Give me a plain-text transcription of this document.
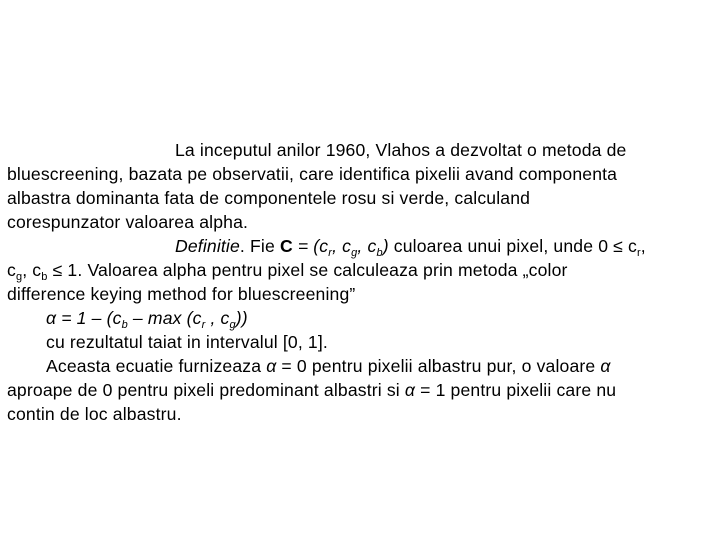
La inceputul anilor 1960, Vlahos a dezvoltat o metoda de
bluescreening, bazata pe observatii, care identifica pixelii avand componenta
albastra dominanta fata de componentele rosu si verde, calculand
corespunzator valoarea alpha.
Definitie. Fie $C = (c_r$, $c_g$, $c_b$) culoarea unui pixel, unde $0 \le c_r$,
$c_g$, $c_b \le 1$. Valoarea alpha pentru pixel se calculeaza prin metoda „color
difference keying method for bluescreening”
$\alpha = 1 - (c_b - \max (c_r$ , $c_g$))
cu rezultatul taiat in intervalul [0, 1].
Aceasta ecuatie furnizeaza α = 0 pentru pixelii albastru pur, o valoare α
aproape de 0 pentru pixeli predominant albastri si α = 1 pentru pixelii care nu
contin de loc albastru.
